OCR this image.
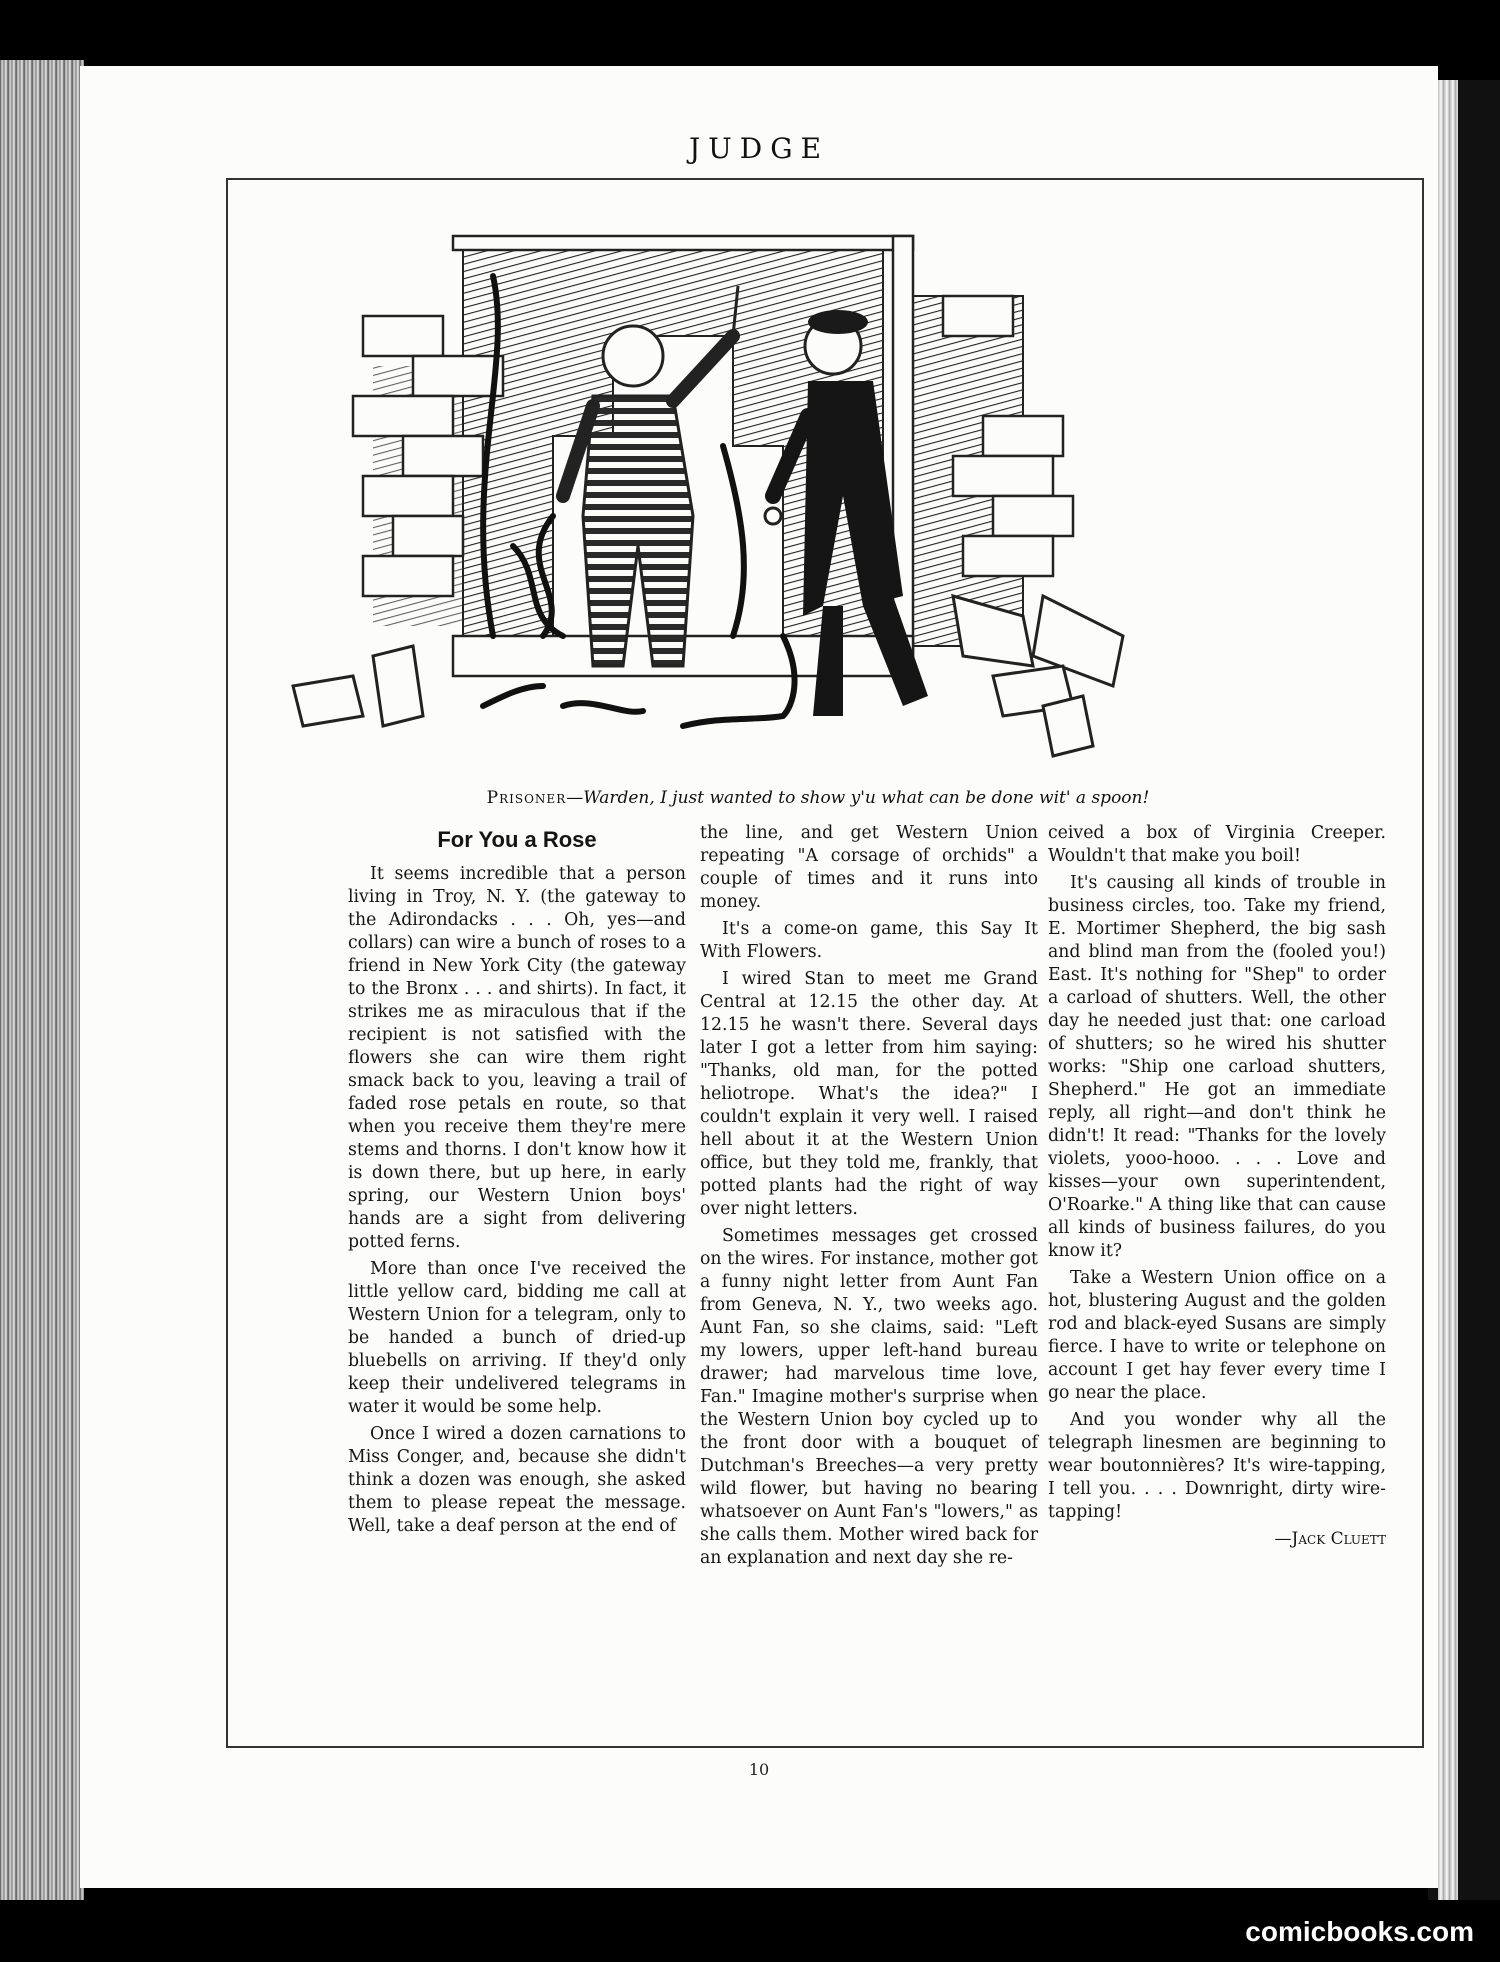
JUDGE
Prisoner—Warden, I just wanted to show y'u what can be done wit' a spoon!
For You a Rose

It seems incredible that a person living in Troy, N. Y. (the gateway to the Adirondacks . . . Oh, yes—and collars) can wire a bunch of roses to a friend in New York City (the gateway to the Bronx . . . and shirts). In fact, it strikes me as miraculous that if the recipient is not satisfied with the flowers she can wire them right smack back to you, leaving a trail of faded rose petals en route, so that when you receive them they're mere stems and thorns. I don't know how it is down there, but up here, in early spring, our Western Union boys' hands are a sight from delivering potted ferns.

More than once I've received the little yellow card, bidding me call at Western Union for a telegram, only to be handed a bunch of dried-up bluebells on arriving. If they'd only keep their undelivered telegrams in water it would be some help.

Once I wired a dozen carnations to Miss Conger, and, because she didn't think a dozen was enough, she asked them to please repeat the message. Well, take a deaf person at the end of

the line, and get Western Union repeating "A corsage of orchids" a couple of times and it runs into money.

It's a come-on game, this Say It With Flowers.

I wired Stan to meet me Grand Central at 12.15 the other day. At 12.15 he wasn't there. Several days later I got a letter from him saying: "Thanks, old man, for the potted heliotrope. What's the idea?" I couldn't explain it very well. I raised hell about it at the Western Union office, but they told me, frankly, that potted plants had the right of way over night letters.

Sometimes messages get crossed on the wires. For instance, mother got a funny night letter from Aunt Fan from Geneva, N. Y., two weeks ago. Aunt Fan, so she claims, said: "Left my lowers, upper left-hand bureau drawer; had marvelous time love, Fan." Imagine mother's surprise when the Western Union boy cycled up to the front door with a bouquet of Dutchman's Breeches—a very pretty wild flower, but having no bearing whatsoever on Aunt Fan's "lowers," as she calls them. Mother wired back for an explanation and next day she re-

ceived a box of Virginia Creeper. Wouldn't that make you boil!

It's causing all kinds of trouble in business circles, too. Take my friend, E. Mortimer Shepherd, the big sash and blind man from the (fooled you!) East. It's nothing for "Shep" to order a carload of shutters. Well, the other day he needed just that: one carload of shutters; so he wired his shutter works: "Ship one carload shutters, Shepherd." He got an immediate reply, all right—and don't think he didn't! It read: "Thanks for the lovely violets, yooo-hooo. . . . Love and kisses—your own superintendent, O'Roarke." A thing like that can cause all kinds of business failures, do you know it?

Take a Western Union office on a hot, blustering August and the golden rod and black-eyed Susans are simply fierce. I have to write or telephone on account I get hay fever every time I go near the place.

And you wonder why all the telegraph linesmen are beginning to wear boutonnières? It's wire-tapping, I tell you. . . . Downright, dirty wire-tapping!

—Jack Cluett
10
comicbooks.com
